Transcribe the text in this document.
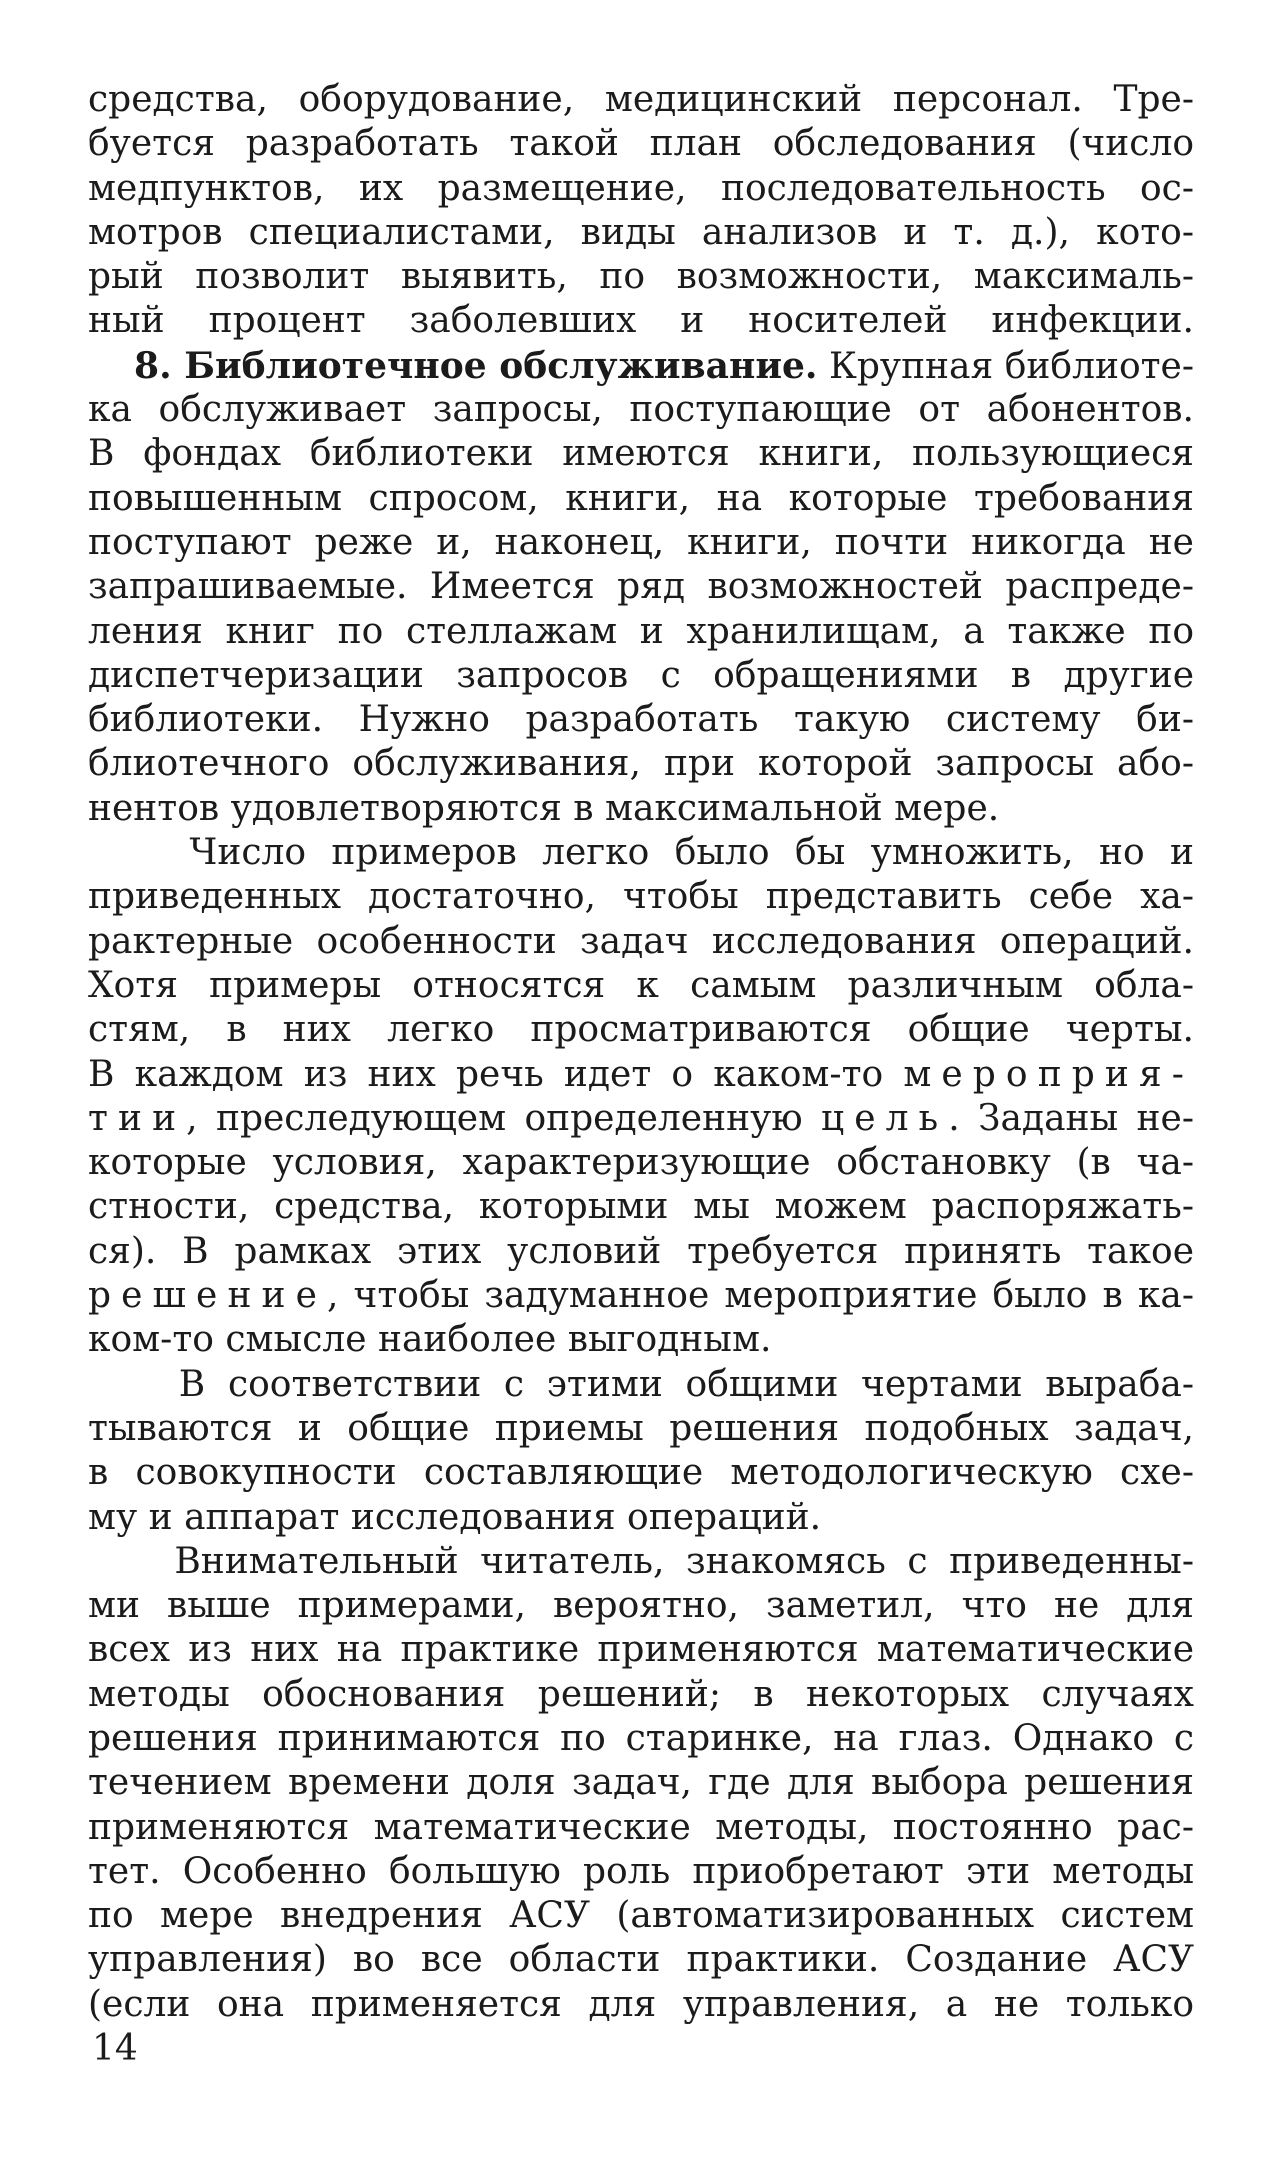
средства, оборудование, медицинский персонал. Тре-
буется разработать такой план обследования (число
медпунктов, их размещение, последовательность ос-
мотров специалистами, виды анализов и т. д.), кото-
рый позволит выявить, по возможности, максималь-
ный процент заболевших и носителей инфекции.
8. Библиотечное обслуживание. Крупная библиоте-
ка обслуживает запросы, поступающие от абонентов.
В фондах библиотеки имеются книги, пользующиеся
повышенным спросом, книги, на которые требования
поступают реже и, наконец, книги, почти никогда не
запрашиваемые. Имеется ряд возможностей распреде-
ления книг по стеллажам и хранилищам, а также по
диспетчеризации запросов с обращениями в другие
библиотеки. Нужно разработать такую систему би-
блиотечного обслуживания, при которой запросы або-
нентов удовлетворяются в максимальной мере.
Число примеров легко было бы умножить, но и
приведенных достаточно, чтобы представить себе ха-
рактерные особенности задач исследования операций.
Хотя примеры относятся к самым различным обла-
стям, в них легко просматриваются общие черты.
В каждом из них речь идет о каком-то мероприя-
тии, преследующем определенную цель. Заданы не-
которые условия, характеризующие обстановку (в ча-
стности, средства, которыми мы можем распоряжать-
ся). В рамках этих условий требуется принять такое
решение, чтобы задуманное мероприятие было в ка-
ком-то смысле наиболее выгодным.
В соответствии с этими общими чертами выраба-
тываются и общие приемы решения подобных задач,
в совокупности составляющие методологическую схе-
му и аппарат исследования операций.
Внимательный читатель, знакомясь с приведенны-
ми выше примерами, вероятно, заметил, что не для
всех из них на практике применяются математические
методы обоснования решений; в некоторых случаях
решения принимаются по старинке, на глаз. Однако с
течением времени доля задач, где для выбора решения
применяются математические методы, постоянно рас-
тет. Особенно большую роль приобретают эти методы
по мере внедрения АСУ (автоматизированных систем
управления) во все области практики. Создание АСУ
(если она применяется для управления, а не только
14
